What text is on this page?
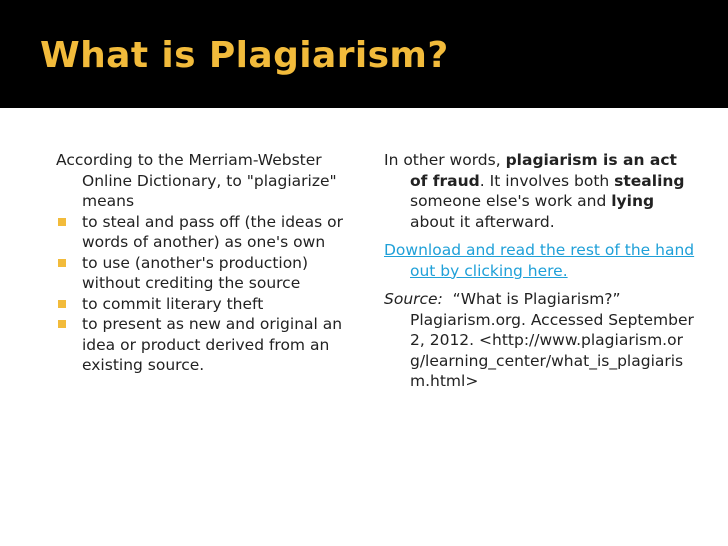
What is Plagiarism?

According to the Merriam-Webster Online Dictionary, to "plagiarize" means

to steal and pass off (the ideas or words of another) as one's own
to use (another's production) without crediting the source
to commit literary theft
to present as new and original an idea or product derived from an existing source.

In other words, plagiarism is an act of fraud. It involves both stealing someone else's work and lying about it afterward.

Download and read the rest of the hand out by clicking here.

Source: “What is Plagiarism?” Plagiarism.org. Accessed September 2, 2012. <http://www.plagiarism.org/learning_center/what_is_plagiarism.html>
